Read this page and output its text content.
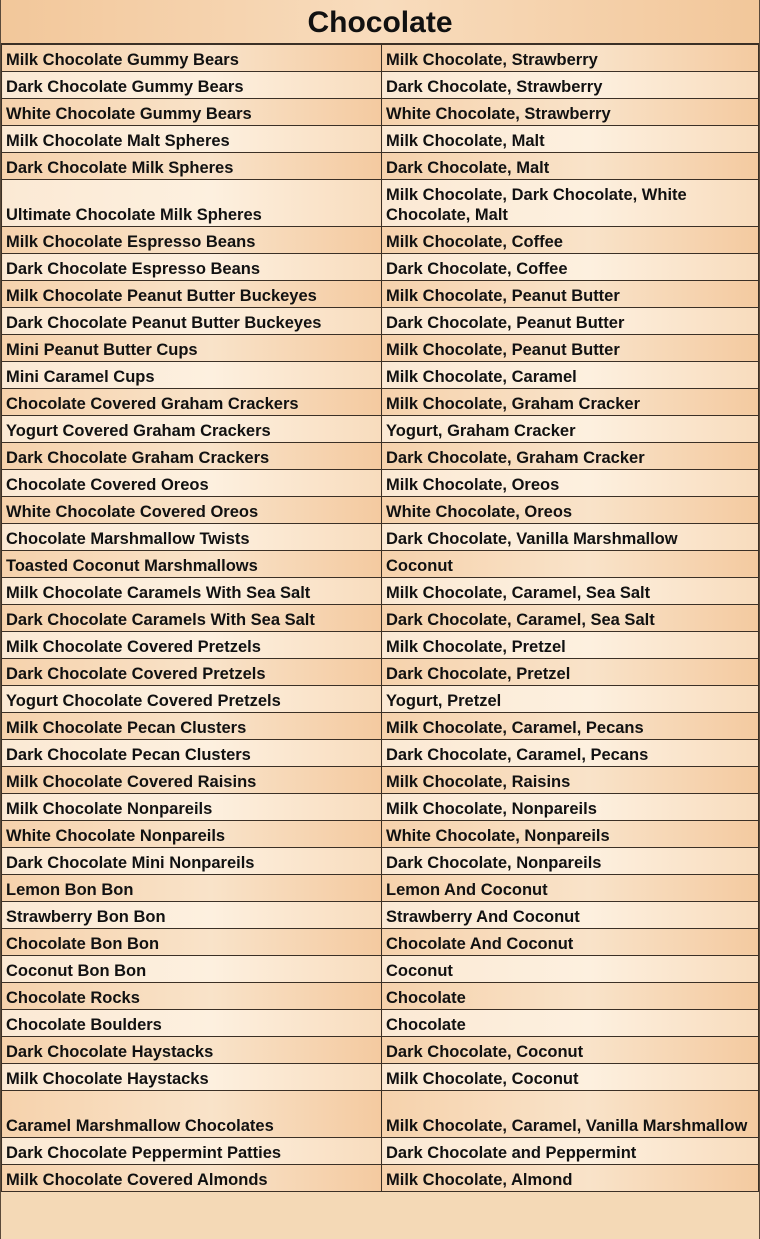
Chocolate
Milk Chocolate Gummy Bears	Milk Chocolate, Strawberry
Dark Chocolate Gummy Bears	Dark Chocolate, Strawberry
White Chocolate Gummy Bears	White Chocolate, Strawberry
Milk Chocolate Malt Spheres	Milk Chocolate, Malt
Dark Chocolate Milk Spheres	Dark Chocolate, Malt
Ultimate Chocolate Milk Spheres	Milk Chocolate, Dark Chocolate, White Chocolate, Malt
Milk Chocolate Espresso Beans	Milk Chocolate, Coffee
Dark Chocolate Espresso Beans	Dark Chocolate, Coffee
Milk Chocolate Peanut Butter Buckeyes	Milk Chocolate, Peanut Butter
Dark Chocolate Peanut Butter Buckeyes	Dark Chocolate, Peanut Butter
Mini Peanut Butter Cups	Milk Chocolate, Peanut Butter
Mini Caramel Cups	Milk Chocolate, Caramel
Chocolate Covered Graham Crackers	Milk Chocolate, Graham Cracker
Yogurt Covered Graham Crackers	Yogurt, Graham Cracker
Dark Chocolate Graham Crackers	Dark Chocolate, Graham Cracker
Chocolate Covered Oreos	Milk Chocolate, Oreos
White Chocolate Covered Oreos	White Chocolate, Oreos
Chocolate Marshmallow Twists	Dark Chocolate, Vanilla Marshmallow
Toasted Coconut Marshmallows	Coconut
Milk Chocolate Caramels With Sea Salt	Milk Chocolate, Caramel, Sea Salt
Dark Chocolate Caramels With Sea Salt	Dark Chocolate, Caramel, Sea Salt
Milk Chocolate Covered Pretzels	Milk Chocolate, Pretzel
Dark Chocolate Covered Pretzels	Dark Chocolate, Pretzel
Yogurt Chocolate Covered Pretzels	Yogurt, Pretzel
Milk Chocolate Pecan Clusters	Milk Chocolate, Caramel, Pecans
Dark Chocolate Pecan Clusters	Dark Chocolate, Caramel, Pecans
Milk Chocolate Covered Raisins	Milk Chocolate, Raisins
Milk Chocolate Nonpareils	Milk Chocolate, Nonpareils
White Chocolate Nonpareils	White Chocolate, Nonpareils
Dark Chocolate Mini Nonpareils	Dark Chocolate, Nonpareils
Lemon Bon Bon	Lemon And Coconut
Strawberry Bon Bon	Strawberry And Coconut
Chocolate Bon Bon	Chocolate And Coconut
Coconut Bon Bon	Coconut
Chocolate Rocks	Chocolate
Chocolate Boulders	Chocolate
Dark Chocolate Haystacks	Dark Chocolate, Coconut
Milk Chocolate Haystacks	Milk Chocolate, Coconut
Caramel Marshmallow Chocolates	Milk Chocolate, Caramel, Vanilla Marshmallow
Dark Chocolate Peppermint Patties	Dark Chocolate and Peppermint
Milk Chocolate Covered Almonds	Milk Chocolate, Almond
